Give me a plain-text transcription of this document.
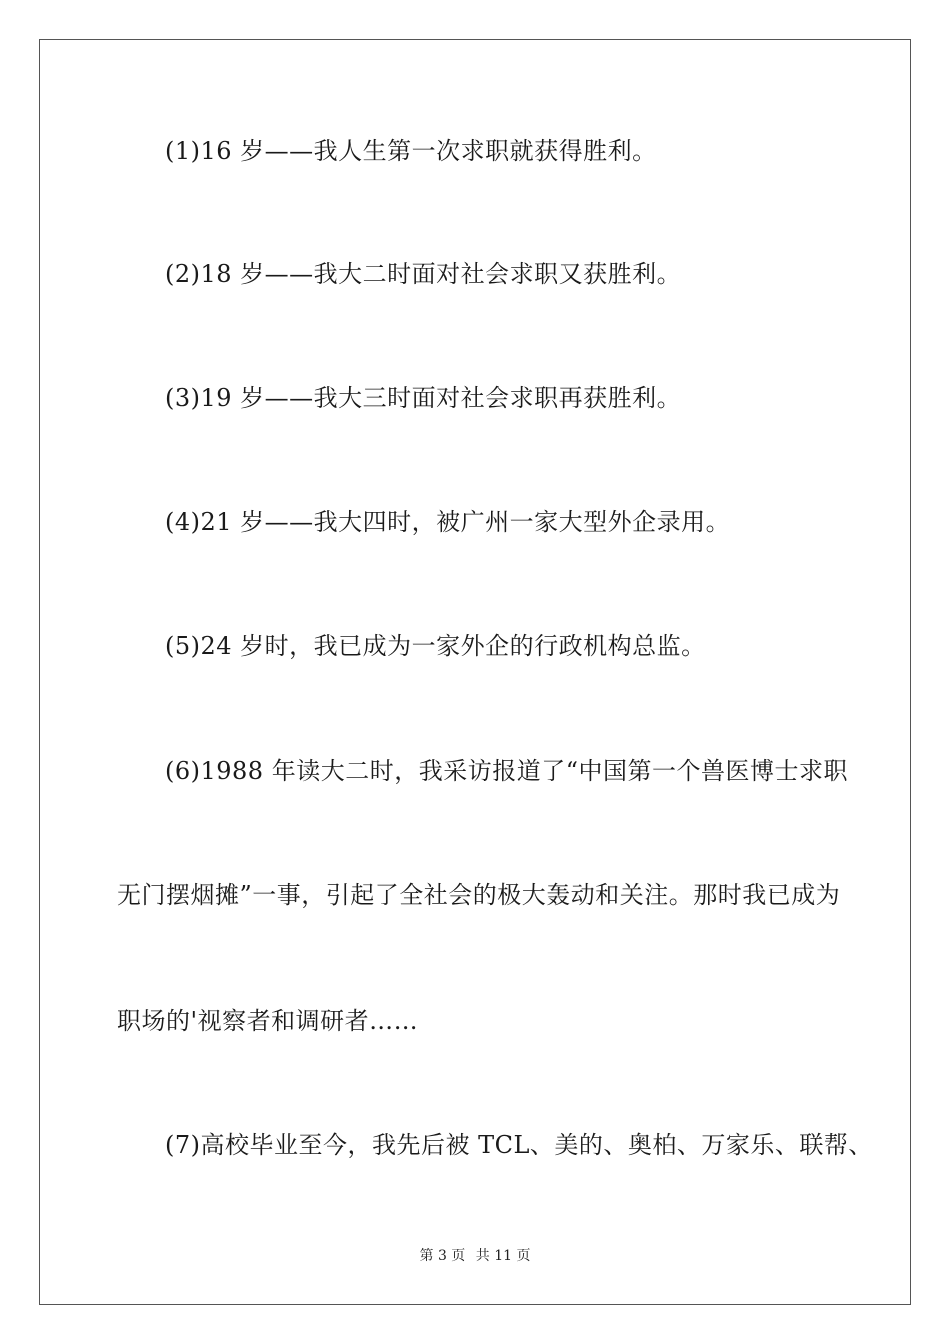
(1)16 岁——我人生第一次求职就获得胜利。

(2)18 岁——我大二时面对社会求职又获胜利。

(3)19 岁——我大三时面对社会求职再获胜利。

(4)21 岁——我大四时，被广州一家大型外企录用。

(5)24 岁时，我已成为一家外企的行政机构总监。

(6)1988 年读大二时，我采访报道了“中国第一个兽医博士求职

无门摆烟摊”一事，引起了全社会的极大轰动和关注。那时我已成为

职场的'视察者和调研者……

(7)高校毕业至今，我先后被 TCL、美的、奥柏、万家乐、联帮、

第 3 页 共 11 页
